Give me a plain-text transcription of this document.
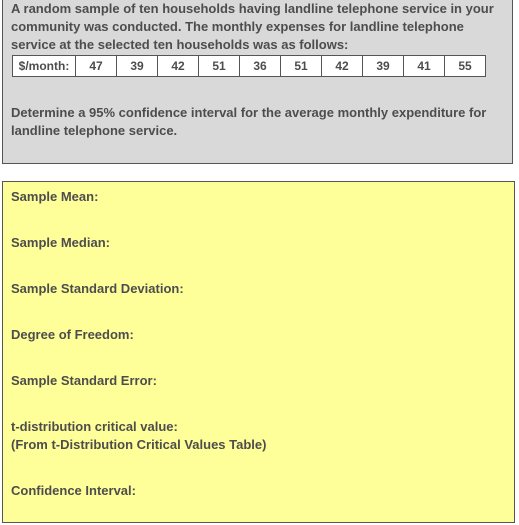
A random sample of ten households having landline telephone service in your community was conducted. The monthly expenses for landline telephone service at the selected ten households was as follows:

$/month:	47	39	42	51	36	51	42	39	41	55

Determine a 95% confidence interval for the average monthly expenditure for landline telephone service.

Sample Mean:

Sample Median:

Sample Standard Deviation:

Degree of Freedom:

Sample Standard Error:

t-distribution critical value:

(From t-Distribution Critical Values Table)

Confidence Interval:
